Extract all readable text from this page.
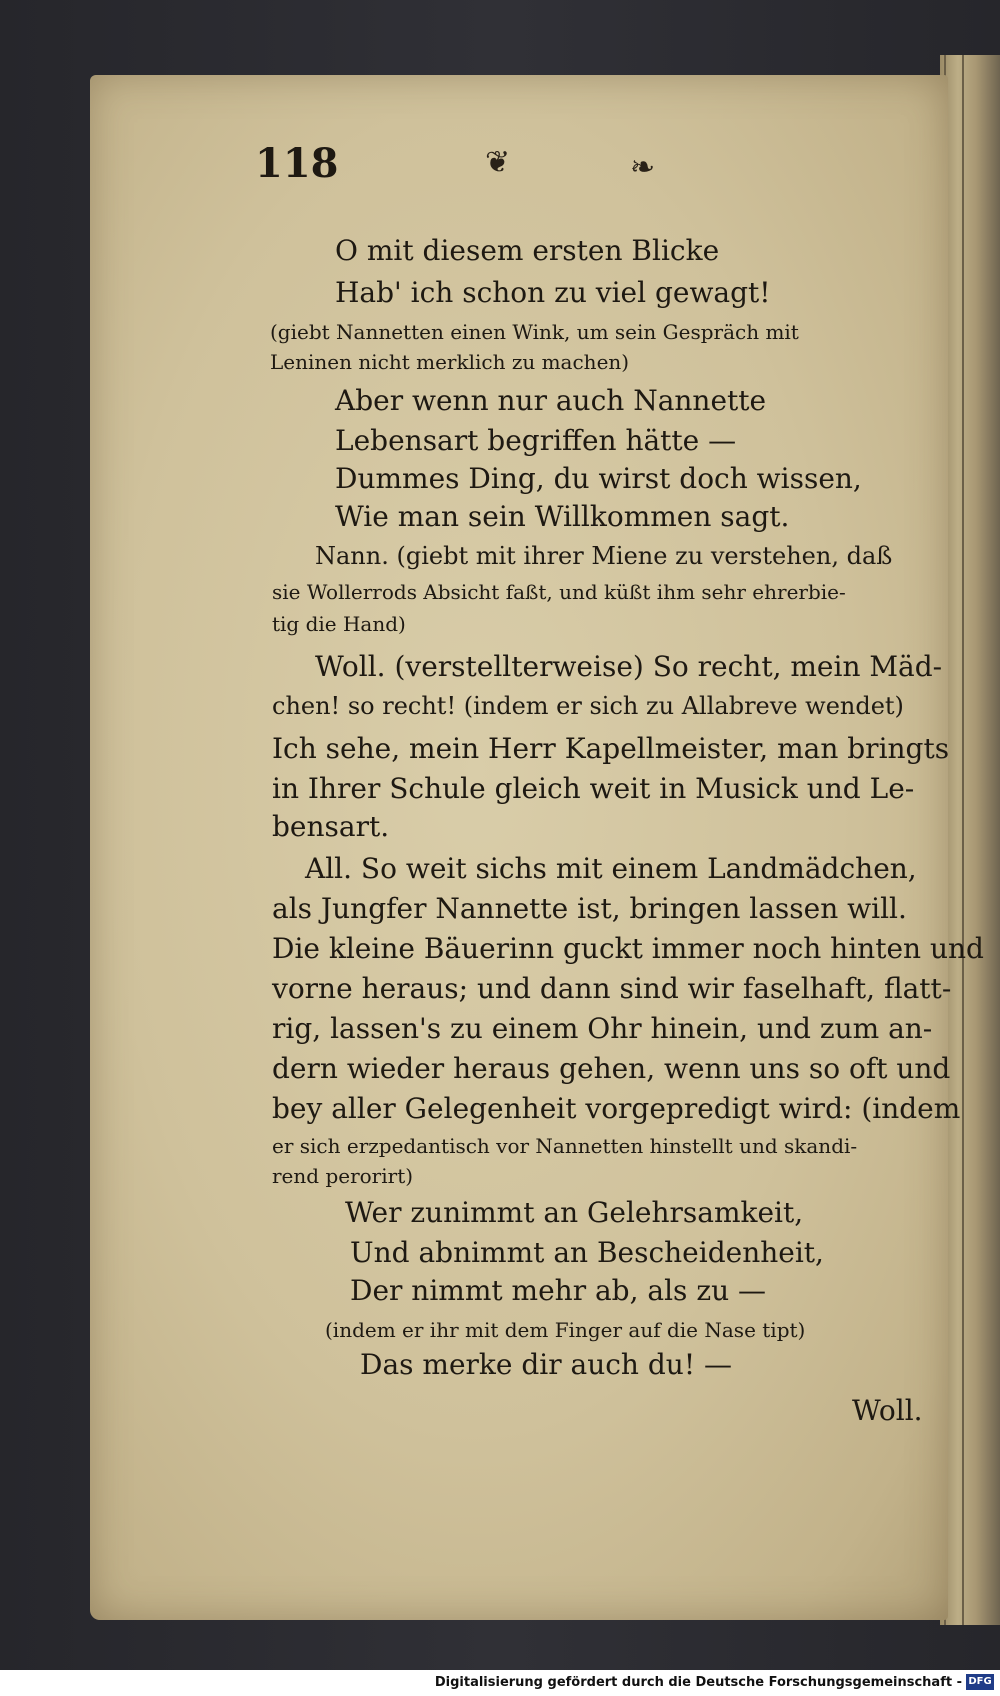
118	❦	❧
O mit diesem ersten Blicke
Hab' ich schon zu viel gewagt!
(giebt Nannetten einen Wink, um sein Gespräch mit
Leninen nicht merklich zu machen)
Aber wenn nur auch Nannette
Lebensart begriffen hätte —
Dummes Ding, du wirst doch wissen,
Wie man sein Willkommen sagt.
Nann. (giebt mit ihrer Miene zu verstehen, daß
sie Wollerrods Absicht faßt, und küßt ihm sehr ehrerbie-
tig die Hand)
Woll. (verstellterweise) So recht, mein Mäd-
chen! so recht! (indem er sich zu Allabreve wendet)
Ich sehe, mein Herr Kapellmeister, man bringts
in Ihrer Schule gleich weit in Musick und Le-
bensart.
All. So weit sichs mit einem Landmädchen,
als Jungfer Nannette ist, bringen lassen will.
Die kleine Bäuerinn guckt immer noch hinten und
vorne heraus; und dann sind wir faselhaft, flatt-
rig, lassen's zu einem Ohr hinein, und zum an-
dern wieder heraus gehen, wenn uns so oft und
bey aller Gelegenheit vorgepredigt wird: (indem
er sich erzpedantisch vor Nannetten hinstellt und skandi-
rend perorirt)
Wer zunimmt an Gelehrsamkeit,
Und abnimmt an Bescheidenheit,
Der nimmt mehr ab, als zu —
(indem er ihr mit dem Finger auf die Nase tipt)
Das merke dir auch du! —
Woll.
Digitalisierung gefördert durch die Deutsche Forschungsgemeinschaft - DFG
